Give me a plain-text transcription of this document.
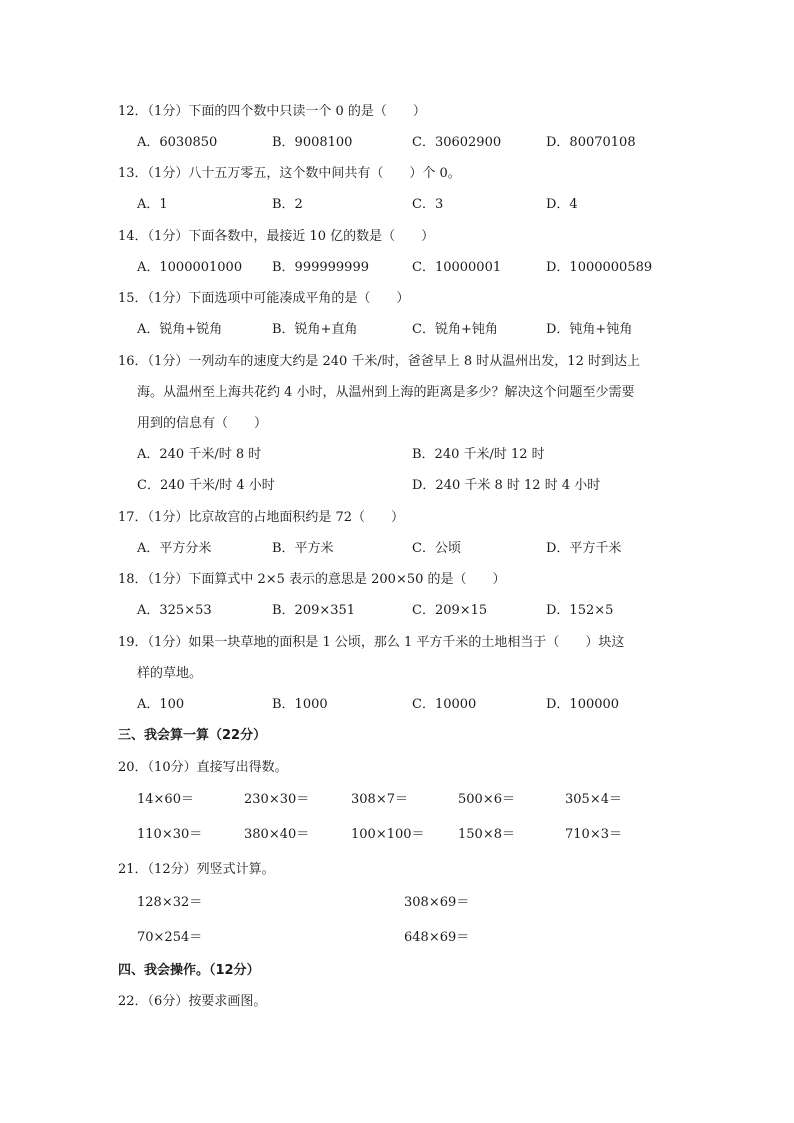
12．（1分）下面的四个数中只读一个 0 的是（　　）
A．6030850	B．9008100	C．30602900	D．80070108
13．（1分）八十五万零五，这个数中间共有（　　）个 0。
A．1	B．2	C．3	D．4
14．（1分）下面各数中，最接近 10 亿的数是（　　）
A．1000001000 B．999999999	C．10000001	D．1000000589
15．（1分）下面选项中可能凑成平角的是（　　）
A．锐角+锐角	B．锐角+直角	C．锐角+钝角	D．钝角+钝角
16．（1分）一列动车的速度大约是 240 千米/时，爸爸早上 8 时从温州出发，12 时到达上
海。从温州至上海共花约 4 小时，从温州到上海的距离是多少？解决这个问题至少需要
用到的信息有（　　）
A．240 千米/时 8 时	B．240 千米/时 12 时
C．240 千米/时 4 小时	D．240 千米 8 时 12 时 4 小时
17．（1分）比京故宫的占地面积约是 72（　　）
A．平方分米	B．平方米	C．公顷	D．平方千米
18．（1分）下面算式中 2×5 表示的意思是 200×50 的是（　　）
A．325×53	B．209×351	C．209×15	D．152×5
19．（1分）如果一块草地的面积是 1 公顷，那么 1 平方千米的土地相当于（　　）块这
样的草地。
A．100	B．1000	C．10000	D．100000
三、我会算一算（22分）
20．（10分）直接写出得数。
14×60＝	230×30＝	308×7＝	500×6＝	305×4＝
110×30＝	380×40＝	100×100＝	150×8＝	710×3＝
21．（12分）列竖式计算。
128×32＝	308×69＝
70×254＝	648×69＝
四、我会操作。（12分）
22．（6分）按要求画图。
